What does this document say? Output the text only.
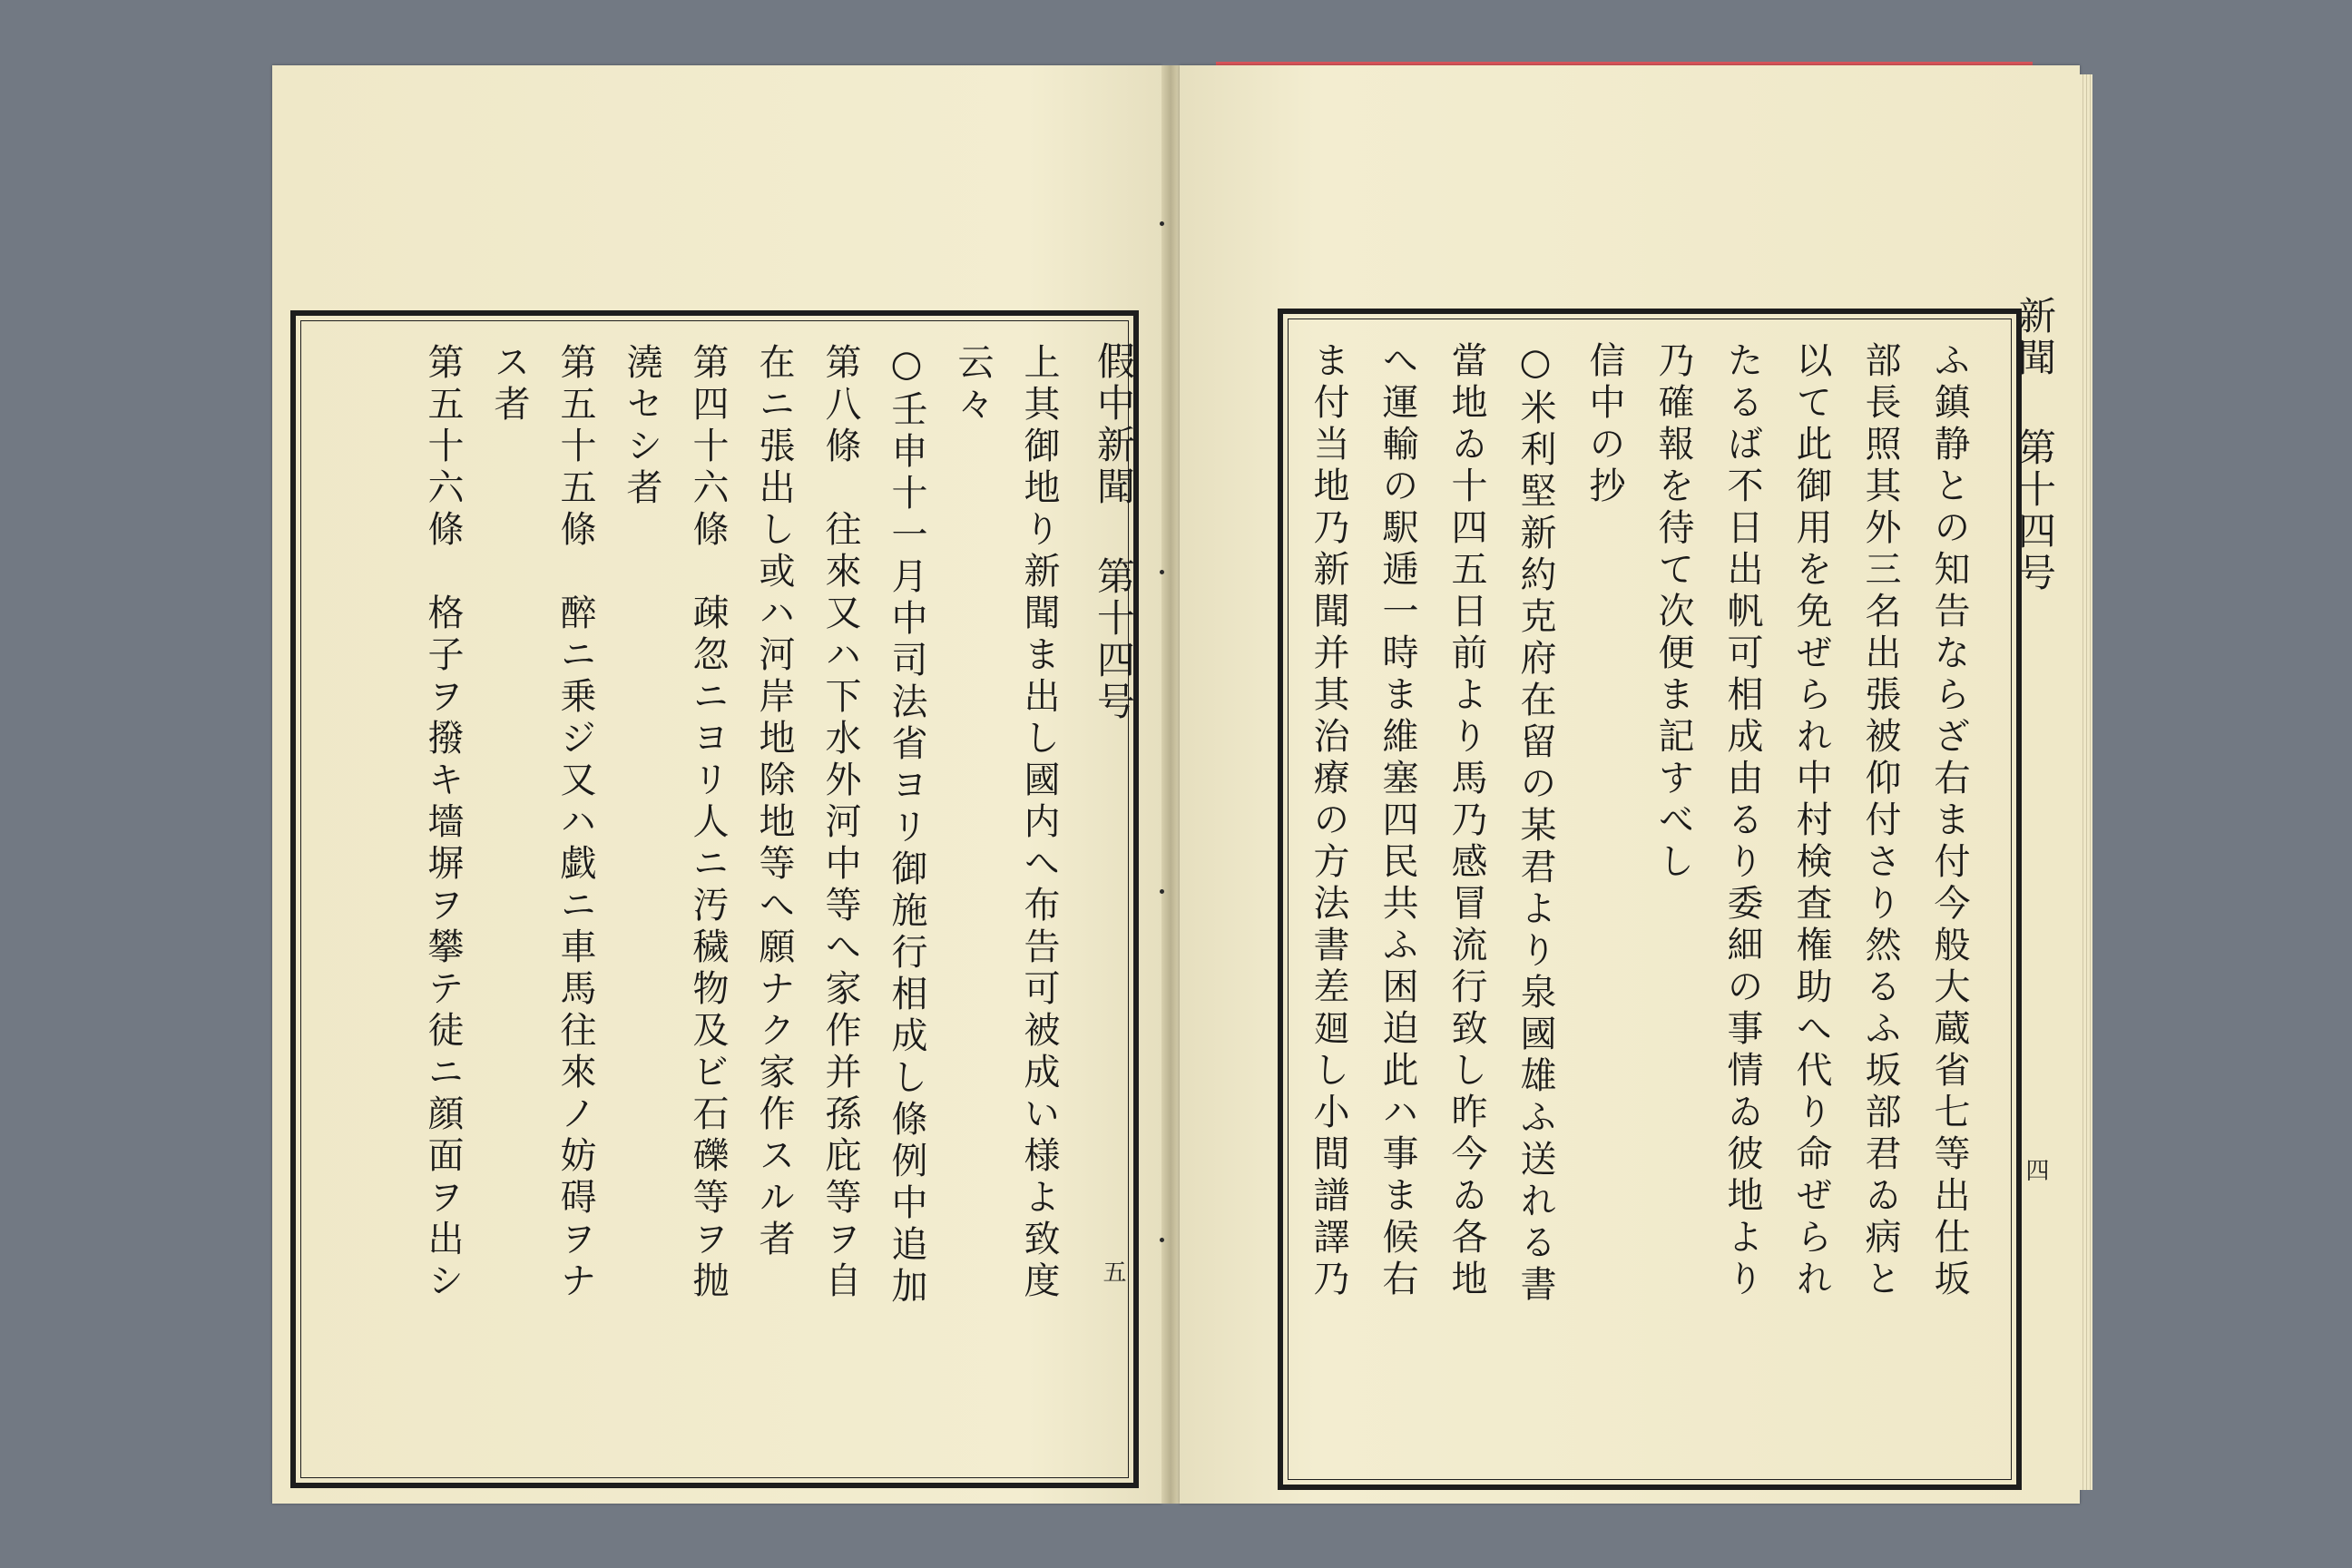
假中新聞 第十四号
五
上其御地り新聞ま出し國内へ布告可被成い様よ致度
云々
○壬申十一月中司法省ヨリ御施行相成し條例中追加
第八條　往來又ハ下水外河中等へ家作并孫庇等ヲ自
在ニ張出し或ハ河岸地除地等へ願ナク家作スル者
第四十六條　疎忽ニヨリ人ニ汚穢物及ビ石礫等ヲ抛
澆セシ者
第五十五條　醉ニ乗ジ又ハ戯ニ車馬往來ノ妨碍ヲナ
ス者
第五十六條　格子ヲ撥キ墻塀ヲ攀テ徒ニ顔面ヲ出シ	新聞 第十四号
四
ふ鎮静との知告ならざ右ま付今般大蔵省七等出仕坂
部長照其外三名出張被仰付さり然るふ坂部君ゐ病と
以て此御用を免ぜられ中村検査権助へ代り命ぜられ
たるば不日出帆可相成由るり委細の事情ゐ彼地より
乃確報を待て次便ま記すべし
信中の抄
○米利堅新約克府在留の某君より泉國雄ふ送れる書
當地ゐ十四五日前より馬乃感冒流行致し昨今ゐ各地
へ運輸の駅逓一時ま維塞四民共ふ困迫此ハ事ま候右
ま付当地乃新聞并其治療の方法書差廻し小間譜譯乃
